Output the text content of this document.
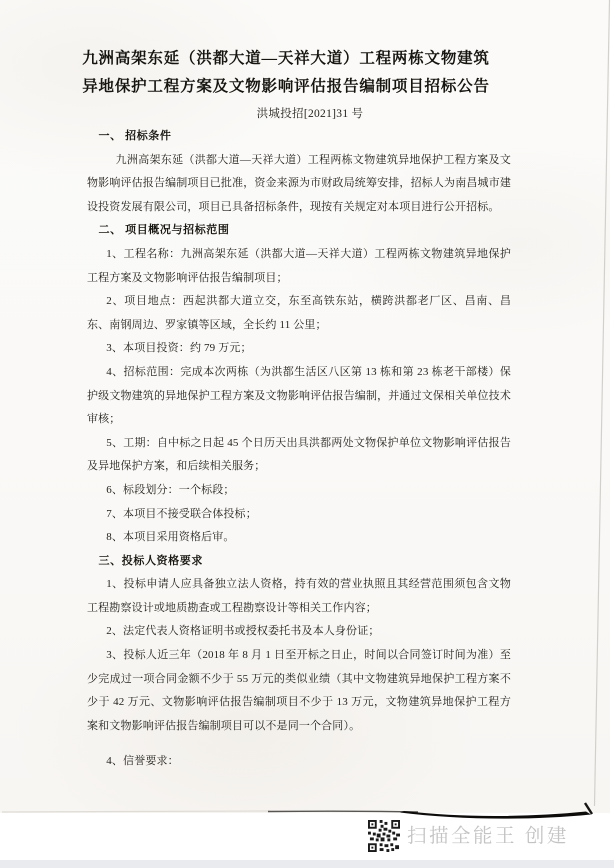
九洲高架东延（洪都大道—天祥大道）工程两栋文物建筑
异地保护工程方案及文物影响评估报告编制项目招标公告
洪城投招[2021]31 号

一、 招标条件

九洲高架东延（洪都大道—天祥大道）工程两栋文物建筑异地保护工程方案及文物影响评估报告编制项目已批准，资金来源为市财政局统筹安排，招标人为南昌城市建设投资发展有限公司，项目已具备招标条件，现按有关规定对本项目进行公开招标。

二、 项目概况与招标范围

1、工程名称：九洲高架东延（洪都大道—天祥大道）工程两栋文物建筑异地保护工程方案及文物影响评估报告编制项目；

2、项目地点：西起洪都大道立交，东至高铁东站，横跨洪都老厂区、昌南、昌东、南钢周边、罗家镇等区域，全长约 11 公里；

3、本项目投资：约 79 万元；

4、招标范围：完成本次两栋（为洪都生活区八区第 13 栋和第 23 栋老干部楼）保护级文物建筑的异地保护工程方案及文物影响评估报告编制，并通过文保相关单位技术审核；

5、工期：自中标之日起 45 个日历天出具洪都两处文物保护单位文物影响评估报告及异地保护方案，和后续相关服务；

6、标段划分：一个标段；

7、本项目不接受联合体投标；

8、本项目采用资格后审。

三、投标人资格要求

1、投标申请人应具备独立法人资格，持有效的营业执照且其经营范围须包含文物工程勘察设计或地质勘查或工程勘察设计等相关工作内容；

2、法定代表人资格证明书或授权委托书及本人身份证；

3、投标人近三年（2018 年 8 月 1 日至开标之日止，时间以合同签订时间为准）至少完成过一项合同金额不少于 55 万元的类似业绩（其中文物建筑异地保护工程方案不少于 42 万元、文物影响评估报告编制项目不少于 13 万元，文物建筑异地保护工程方案和文物影响评估报告编制项目可以不是同一个合同）。

4、信誉要求：

扫描全能王 创建
